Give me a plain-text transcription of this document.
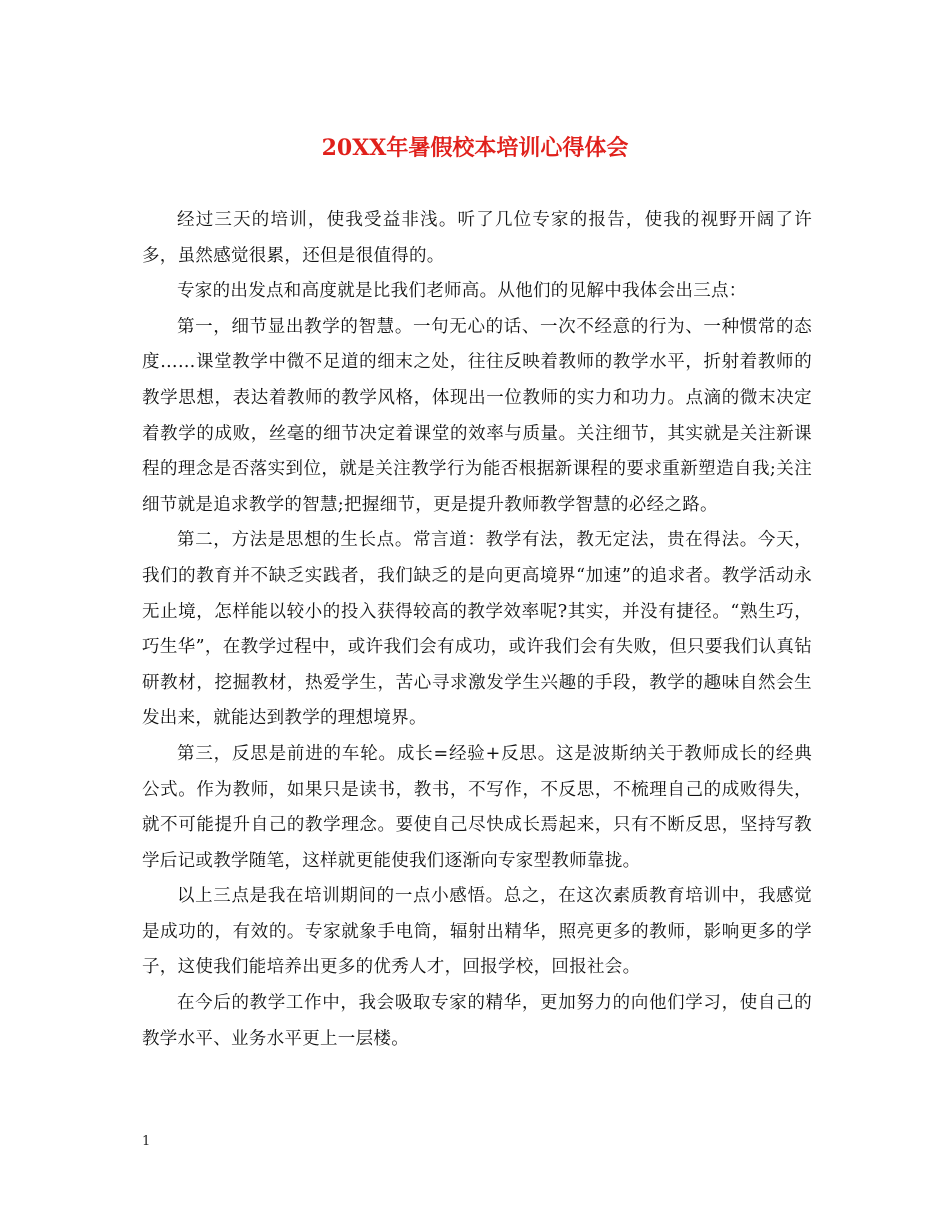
20XX年暑假校本培训心得体会

经过三天的培训，使我受益非浅。听了几位专家的报告，使我的视野开阔了许多，虽然感觉很累，还但是很值得的。

专家的出发点和高度就是比我们老师高。从他们的见解中我体会出三点：

第一，细节显出教学的智慧。一句无心的话、一次不经意的行为、一种惯常的态度……课堂教学中微不足道的细末之处，往往反映着教师的教学水平，折射着教师的教学思想，表达着教师的教学风格，体现出一位教师的实力和功力。点滴的微末决定着教学的成败，丝毫的细节决定着课堂的效率与质量。关注细节，其实就是关注新课程的理念是否落实到位，就是关注教学行为能否根据新课程的要求重新塑造自我;关注细节就是追求教学的智慧;把握细节，更是提升教师教学智慧的必经之路。

第二，方法是思想的生长点。常言道：教学有法，教无定法，贵在得法。今天，我们的教育并不缺乏实践者，我们缺乏的是向更高境界“加速”的追求者。教学活动永无止境，怎样能以较小的投入获得较高的教学效率呢?其实，并没有捷径。“熟生巧，巧生华”，在教学过程中，或许我们会有成功，或许我们会有失败，但只要我们认真钻研教材，挖掘教材，热爱学生，苦心寻求激发学生兴趣的手段，教学的趣味自然会生发出来，就能达到教学的理想境界。

第三，反思是前进的车轮。成长=经验+反思。这是波斯纳关于教师成长的经典公式。作为教师，如果只是读书，教书，不写作，不反思，不梳理自己的成败得失，就不可能提升自己的教学理念。要使自己尽快成长焉起来，只有不断反思，坚持写教学后记或教学随笔，这样就更能使我们逐渐向专家型教师靠拢。

以上三点是我在培训期间的一点小感悟。总之，在这次素质教育培训中，我感觉是成功的，有效的。专家就象手电筒，辐射出精华，照亮更多的教师，影响更多的学子，这使我们能培养出更多的优秀人才，回报学校，回报社会。

在今后的教学工作中，我会吸取专家的精华，更加努力的向他们学习，使自己的教学水平、业务水平更上一层楼。

1
